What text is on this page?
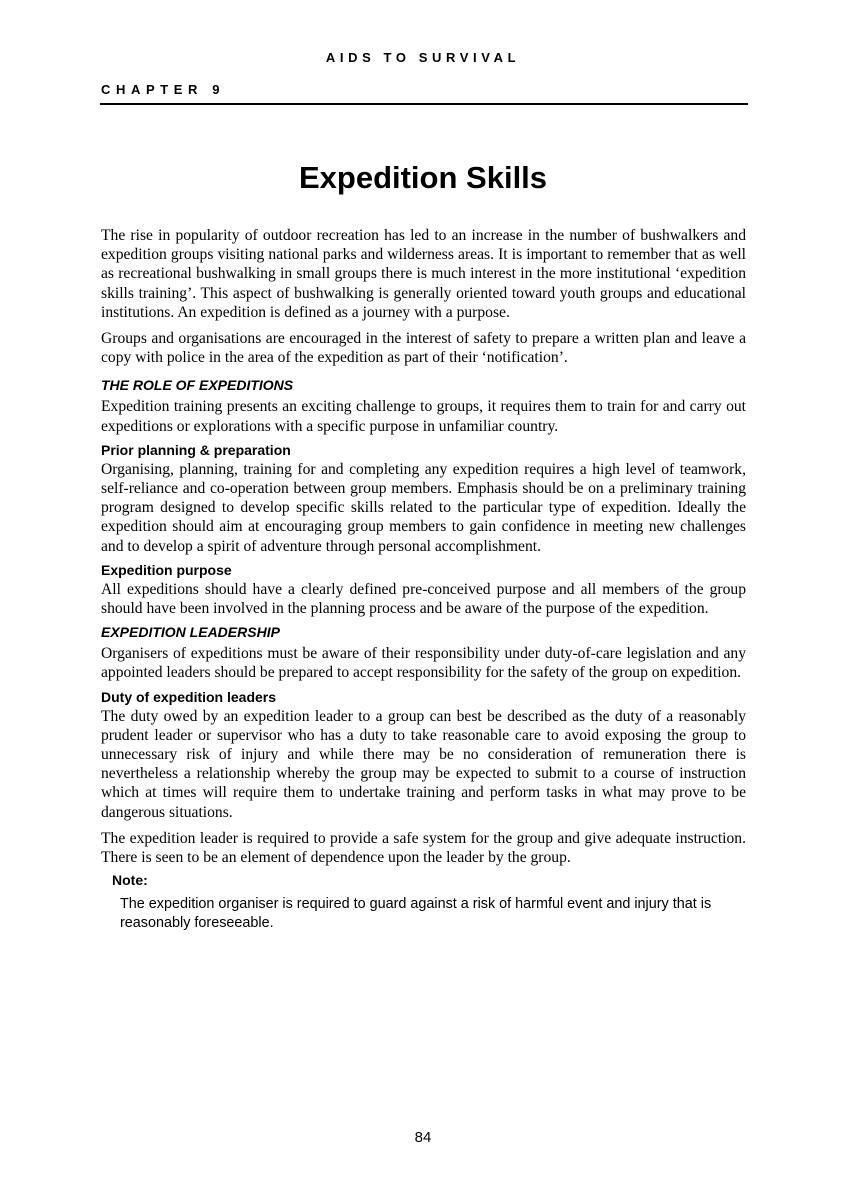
AIDS TO SURVIVAL
CHAPTER 9
Expedition Skills

The rise in popularity of outdoor recreation has led to an increase in the number of bushwalkers and expedition groups visiting national parks and wilderness areas. It is important to remember that as well as recreational bushwalking in small groups there is much interest in the more institutional ‘expedition skills training’. This aspect of bushwalking is generally oriented toward youth groups and educational institutions. An expedition is defined as a journey with a purpose.

Groups and organisations are encouraged in the interest of safety to prepare a written plan and leave a copy with police in the area of the expedition as part of their ‘notification’.

THE ROLE OF EXPEDITIONS

Expedition training presents an exciting challenge to groups, it requires them to train for and carry out expeditions or explorations with a specific purpose in unfamiliar country.

Prior planning & preparation

Organising, planning, training for and completing any expedition requires a high level of teamwork, self-reliance and co-operation between group members. Emphasis should be on a preliminary training program designed to develop specific skills related to the particular type of expedition. Ideally the expedition should aim at encouraging group members to gain confidence in meeting new challenges and to develop a spirit of adventure through personal accomplishment.

Expedition purpose

All expeditions should have a clearly defined pre-conceived purpose and all members of the group should have been involved in the planning process and be aware of the purpose of the expedition.

EXPEDITION LEADERSHIP

Organisers of expeditions must be aware of their responsibility under duty-of-care legislation and any appointed leaders should be prepared to accept responsibility for the safety of the group on expedition.

Duty of expedition leaders

The duty owed by an expedition leader to a group can best be described as the duty of a reasonably prudent leader or supervisor who has a duty to take reasonable care to avoid exposing the group to unnecessary risk of injury and while there may be no consideration of remuneration there is nevertheless a relationship whereby the group may be expected to submit to a course of instruction which at times will require them to undertake training and perform tasks in what may prove to be dangerous situations.

The expedition leader is required to provide a safe system for the group and give adequate instruction. There is seen to be an element of dependence upon the leader by the group.

Note:

The expedition organiser is required to guard against a risk of harmful event and injury that is reasonably foreseeable.

84
